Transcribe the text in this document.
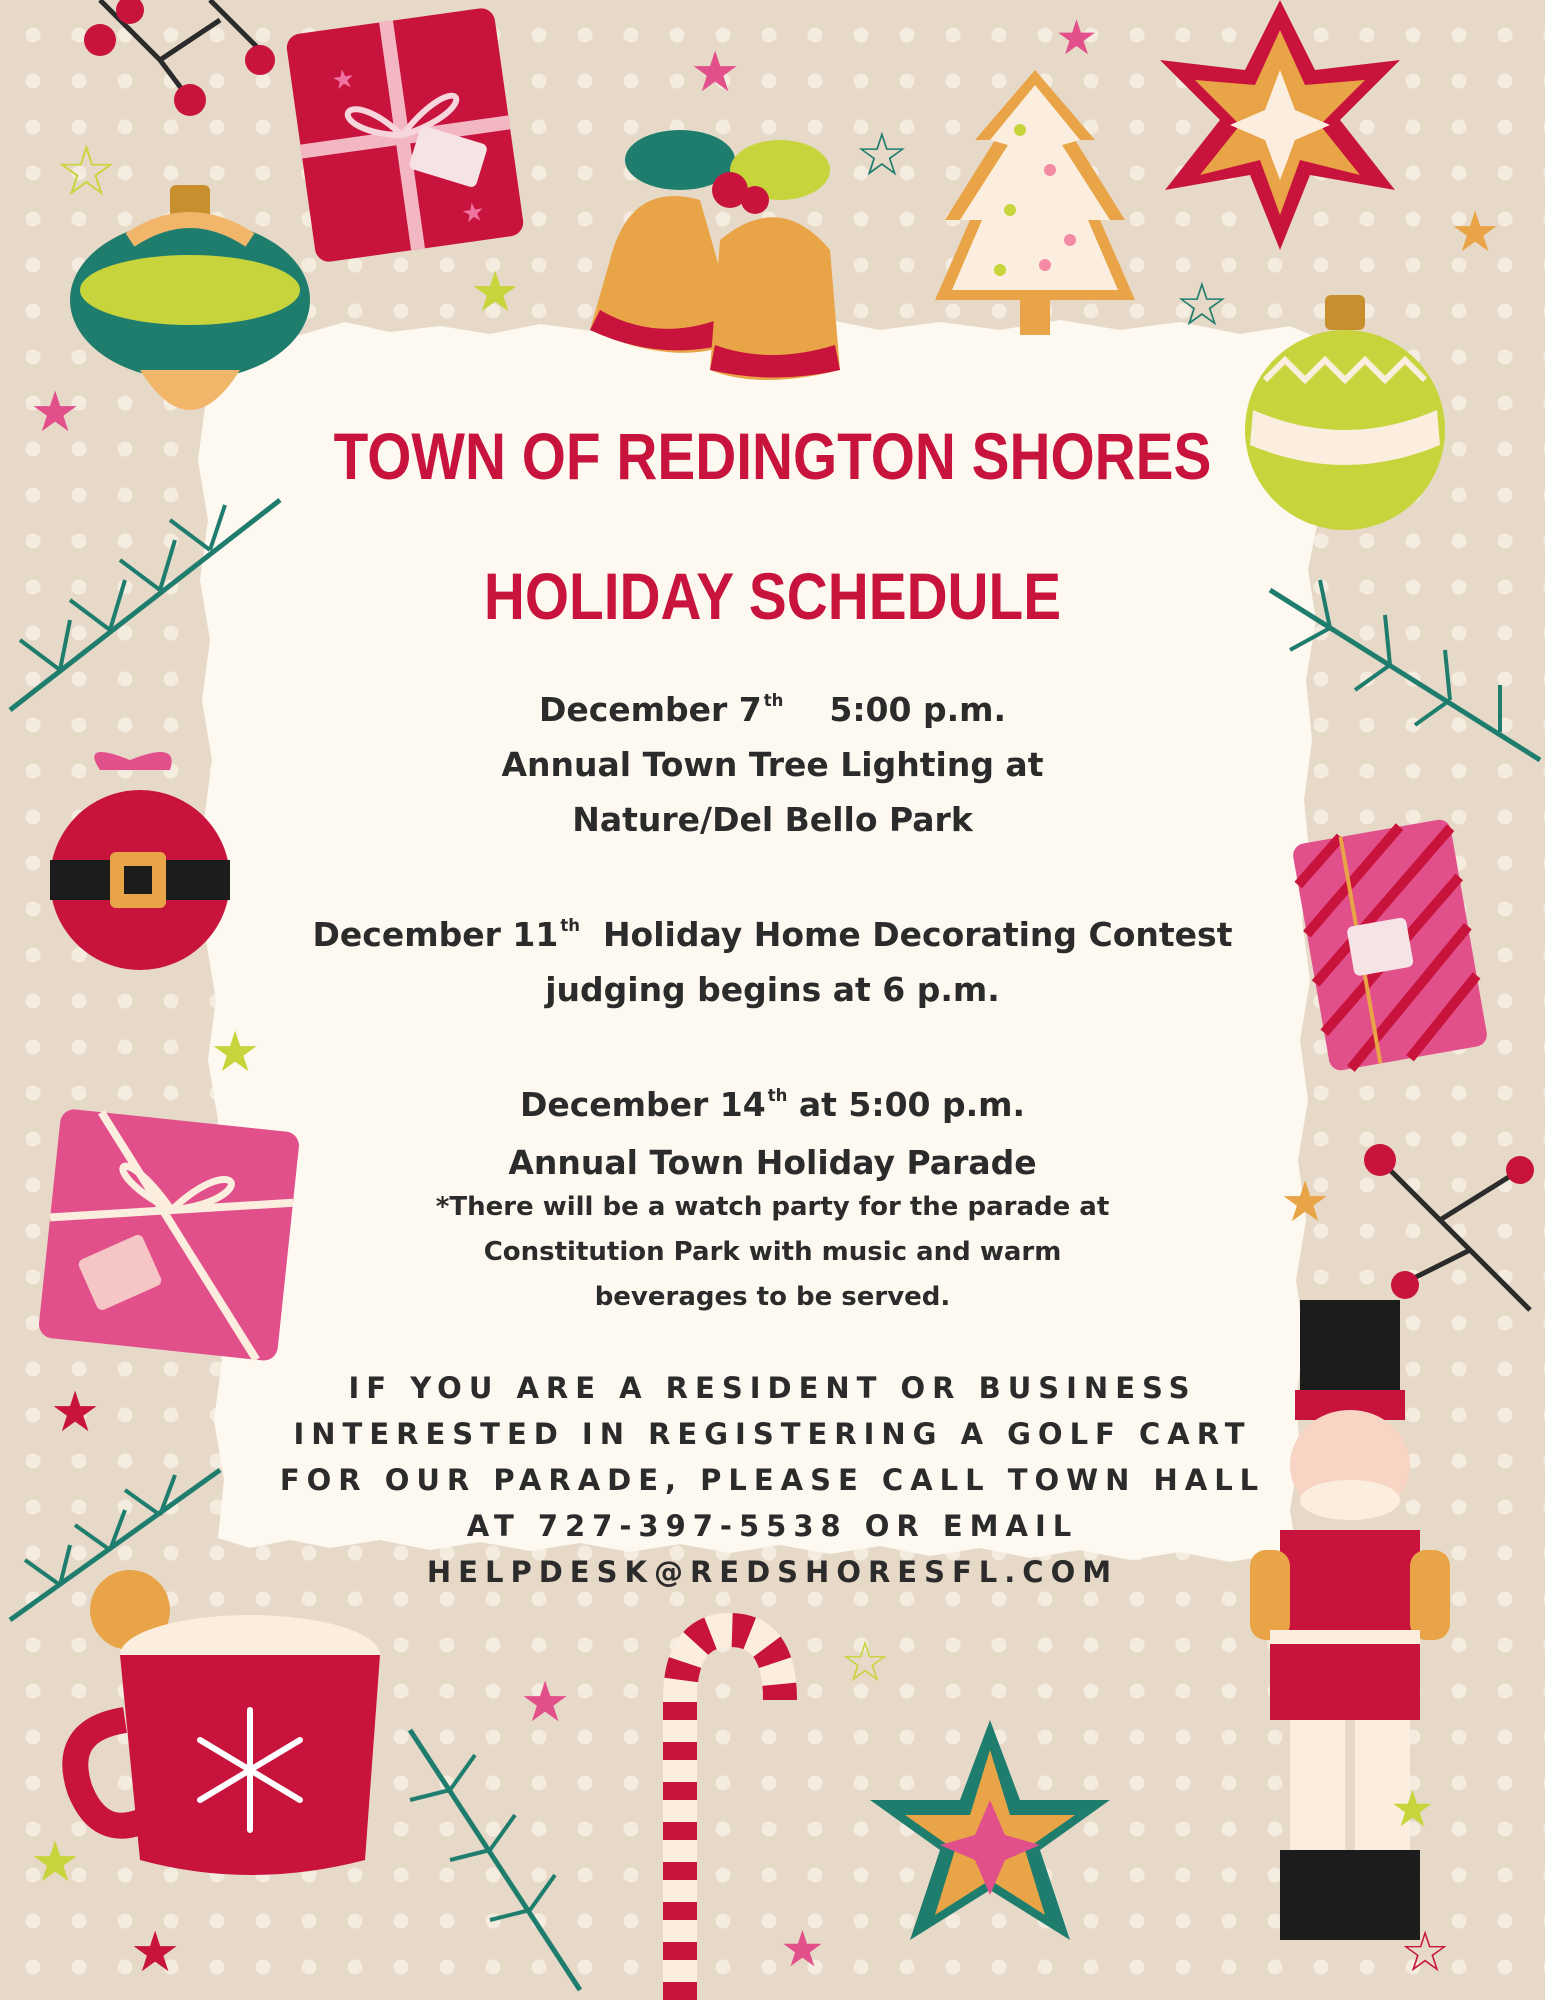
★
★
☆
★
☆
★
★
☆
★
★
★
★
★
★
☆
★
★	★	☆
★
TOWN OF REDINGTON SHORES
HOLIDAY SCHEDULE
December 7 $^{th}$ 5:00 p.m.
Annual Town Tree Lighting at
Nature/Del Bello Park
December 11 $^{th}$ Holiday Home Decorating Contest
judging begins at 6 p.m.
December 14 $^{th}$ at 5:00 p.m.
Annual Town Holiday Parade
*There will be a watch party for the parade at
Constitution Park with music and warm
beverages to be served.
IF YOU ARE A RESIDENT OR BUSINESS
INTERESTED IN REGISTERING A GOLF CART
FOR OUR PARADE, PLEASE CALL TOWN HALL
AT 727-397-5538 OR EMAIL
HELPDESK@REDSHORESFL.COM
